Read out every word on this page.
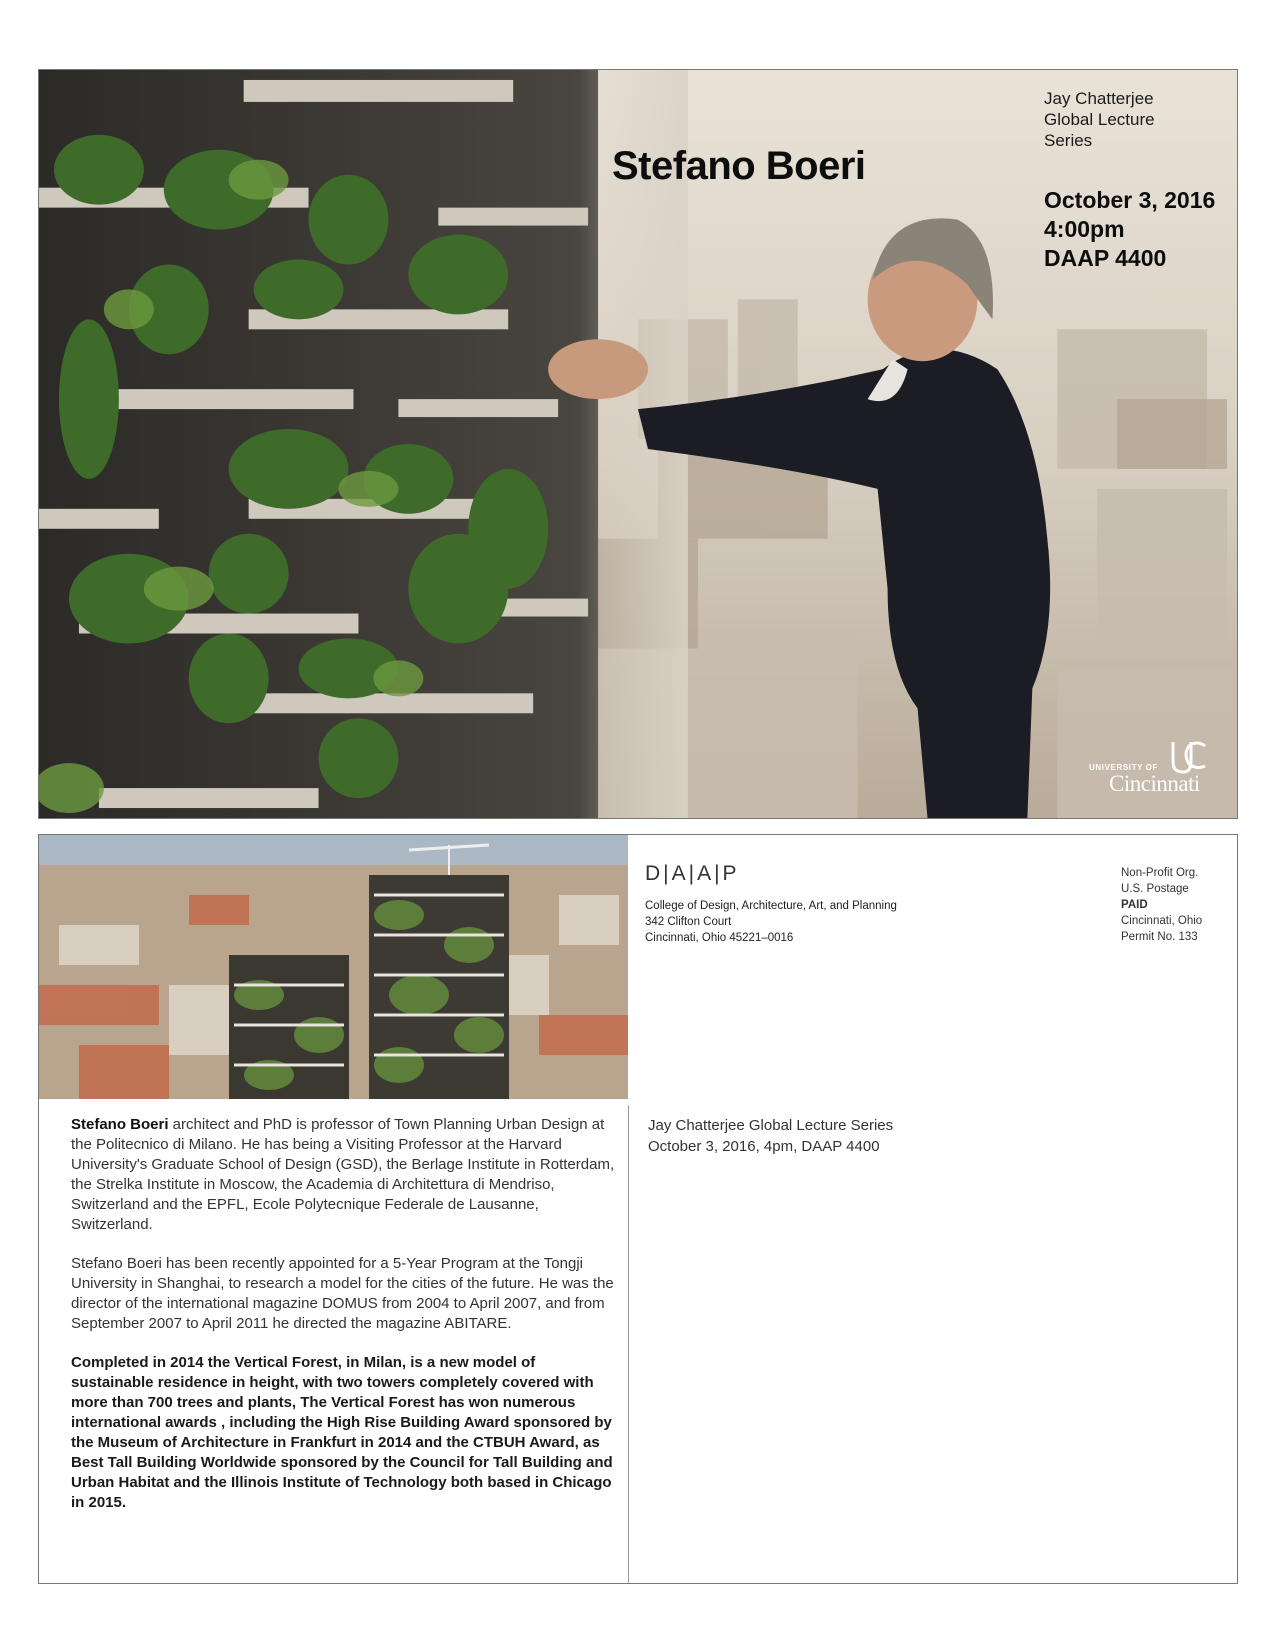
Jay Chatterjee
Global Lecture
Series
Stefano Boeri
October 3, 2016
4:00pm
DAAP 4400
UNIVERSITY OF
Cincinnati
D|A|A|P
College of Design, Architecture, Art, and Planning
342 Clifton Court
Cincinnati, Ohio 45221–0016
Non-Profit Org.
U.S. Postage
PAID
Cincinnati, Ohio
Permit No. 133

Stefano Boeri architect and PhD is professor of Town Planning Urban Design at the Politecnico di Milano. He has being a Visiting Professor at the Harvard University's Graduate School of Design (GSD), the Berlage Institute in Rotterdam, the Strelka Institute in Moscow, the Academia di Architettura di Mendriso, Switzerland and the EPFL, Ecole Polytecnique Federale de Lausanne, Switzerland.

Stefano Boeri has been recently appointed for a 5-Year Program at the Tongji University in Shanghai, to research a model for the cities of the future. He was the director of the international magazine DOMUS from 2004 to April 2007, and from September 2007 to April 2011 he directed the magazine ABITARE.

Completed in 2014 the Vertical Forest, in Milan, is a new model of sustainable residence in height, with two towers completely covered with more than 700 trees and plants, The Vertical Forest has won numerous international awards , including the High Rise Building Award sponsored by the Museum of Architecture in Frankfurt in 2014 and the CTBUH Award, as Best Tall Building Worldwide sponsored by the Council for Tall Building and Urban Habitat and the Illinois Institute of Technology both based in Chicago in 2015.

Jay Chatterjee Global Lecture Series
October 3, 2016, 4pm, DAAP 4400
